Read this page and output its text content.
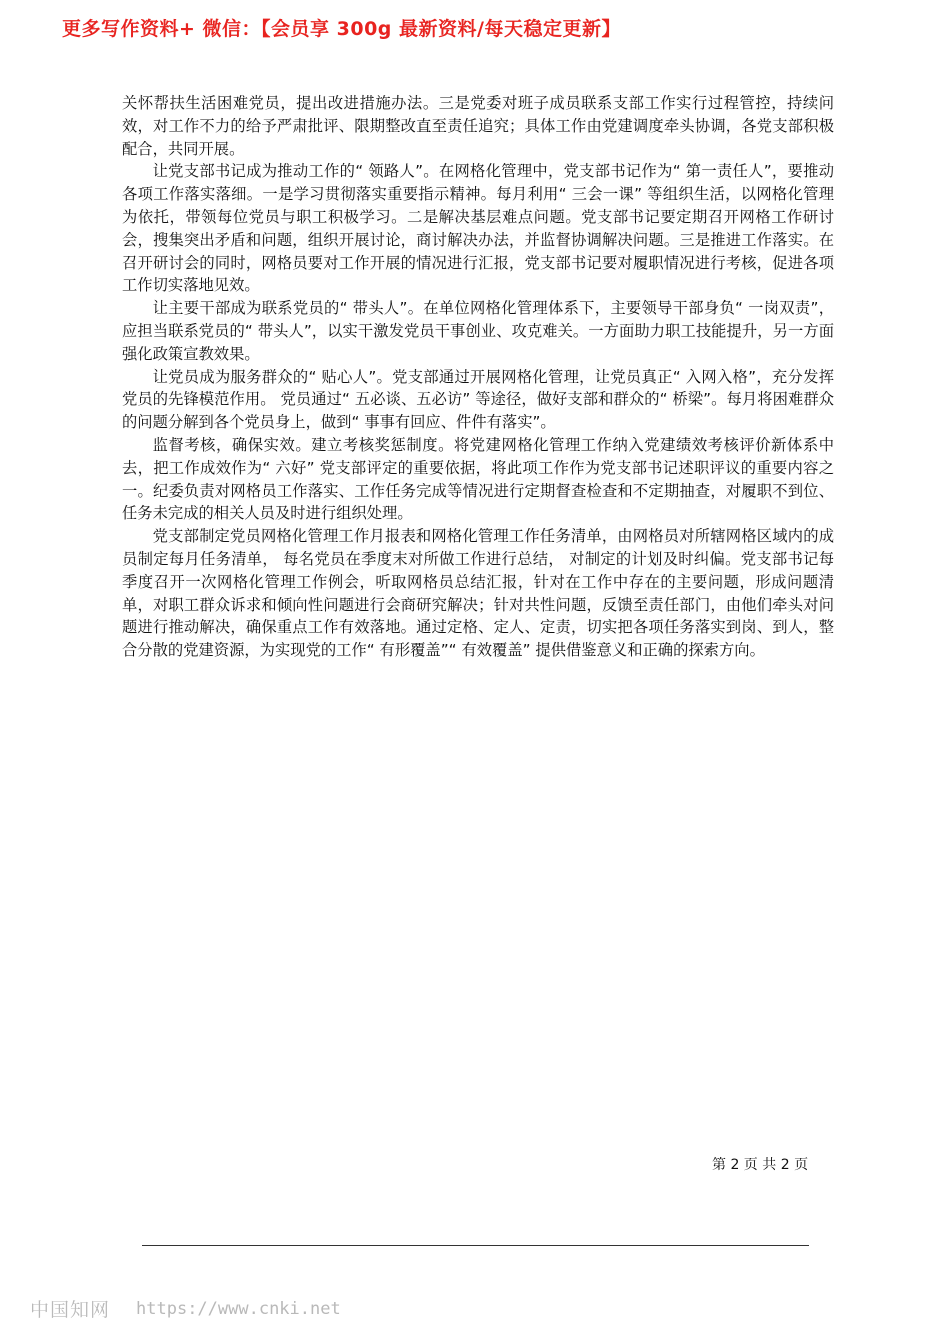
更多写作资料+ 微信：【会员享 300g 最新资料/每天稳定更新】

关怀帮扶生活困难党员，提出改进措施办法。三是党委对班子成员联系支部工作实行过程管控，持续问效，对工作不力的给予严肃批评、限期整改直至责任追究；具体工作由党建调度牵头协调，各党支部积极配合，共同开展。

让党支部书记成为推动工作的“ 领路人”。在网格化管理中，党支部书记作为“ 第一责任人”，要推动各项工作落实落细。一是学习贯彻落实重要指示精神。每月利用“ 三会一课” 等组织生活，以网格化管理为依托，带领每位党员与职工积极学习。二是解决基层难点问题。党支部书记要定期召开网格工作研讨会，搜集突出矛盾和问题，组织开展讨论，商讨解决办法，并监督协调解决问题。三是推进工作落实。在召开研讨会的同时，网格员要对工作开展的情况进行汇报，党支部书记要对履职情况进行考核，促进各项工作切实落地见效。

让主要干部成为联系党员的“ 带头人”。在单位网格化管理体系下，主要领导干部身负“ 一岗双责”，应担当联系党员的“ 带头人”，以实干激发党员干事创业、攻克难关。一方面助力职工技能提升，另一方面强化政策宣教效果。

让党员成为服务群众的“ 贴心人”。党支部通过开展网格化管理，让党员真正“ 入网入格”，充分发挥党员的先锋模范作用。 党员通过“ 五必谈、五必访” 等途径，做好支部和群众的“ 桥梁”。每月将困难群众的问题分解到各个党员身上，做到“ 事事有回应、件件有落实”。

监督考核，确保实效。建立考核奖惩制度。将党建网格化管理工作纳入党建绩效考核评价新体系中去，把工作成效作为“ 六好” 党支部评定的重要依据，将此项工作作为党支部书记述职评议的重要内容之一。纪委负责对网格员工作落实、工作任务完成等情况进行定期督查检查和不定期抽查，对履职不到位、任务未完成的相关人员及时进行组织处理。

党支部制定党员网格化管理工作月报表和网格化管理工作任务清单，由网格员对所辖网格区域内的成员制定每月任务清单， 每名党员在季度末对所做工作进行总结， 对制定的计划及时纠偏。党支部书记每季度召开一次网格化管理工作例会，听取网格员总结汇报，针对在工作中存在的主要问题，形成问题清单，对职工群众诉求和倾向性问题进行会商研究解决；针对共性问题，反馈至责任部门，由他们牵头对问题进行推动解决，确保重点工作有效落地。通过定格、定人、定责，切实把各项任务落实到岗、到人，整合分散的党建资源，为实现党的工作“ 有形覆盖”“ 有效覆盖” 提供借鉴意义和正确的探索方向。

第 2 页 共 2 页
中国知网 https://www.cnki.net
